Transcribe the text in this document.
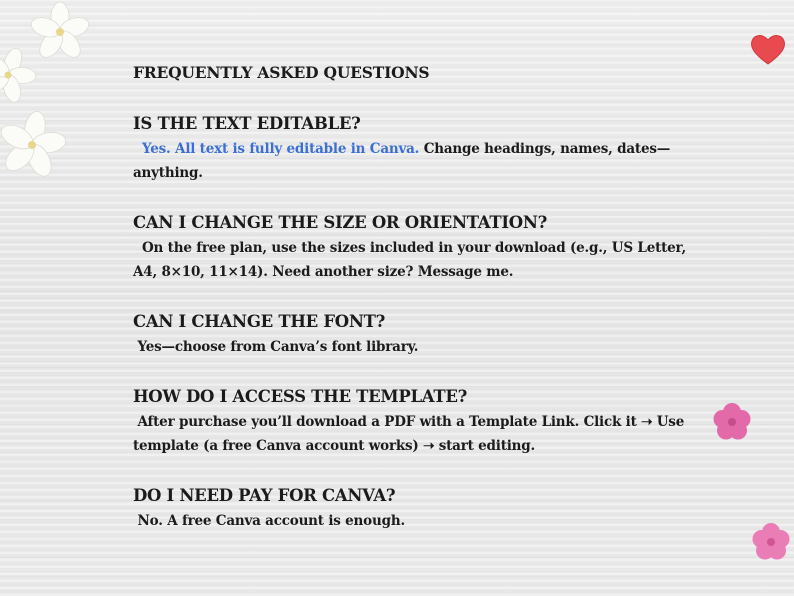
FREQUENTLY ASKED QUESTIONS
IS THE TEXT EDITABLE?

Yes. All text is fully editable in Canva. Change headings, names, dates—anything.

CAN I CHANGE THE SIZE OR ORIENTATION?

On the free plan, use the sizes included in your download (e.g., US Letter, A4, 8×10, 11×14). Need another size? Message me.

CAN I CHANGE THE FONT?

Yes—choose from Canva’s font library.

HOW DO I ACCESS THE TEMPLATE?

After purchase you’ll download a PDF with a Template Link. Click it ➝ Use template (a free Canva account works) ➝ start editing.

DO I NEED PAY FOR CANVA?

No. A free Canva account is enough.
